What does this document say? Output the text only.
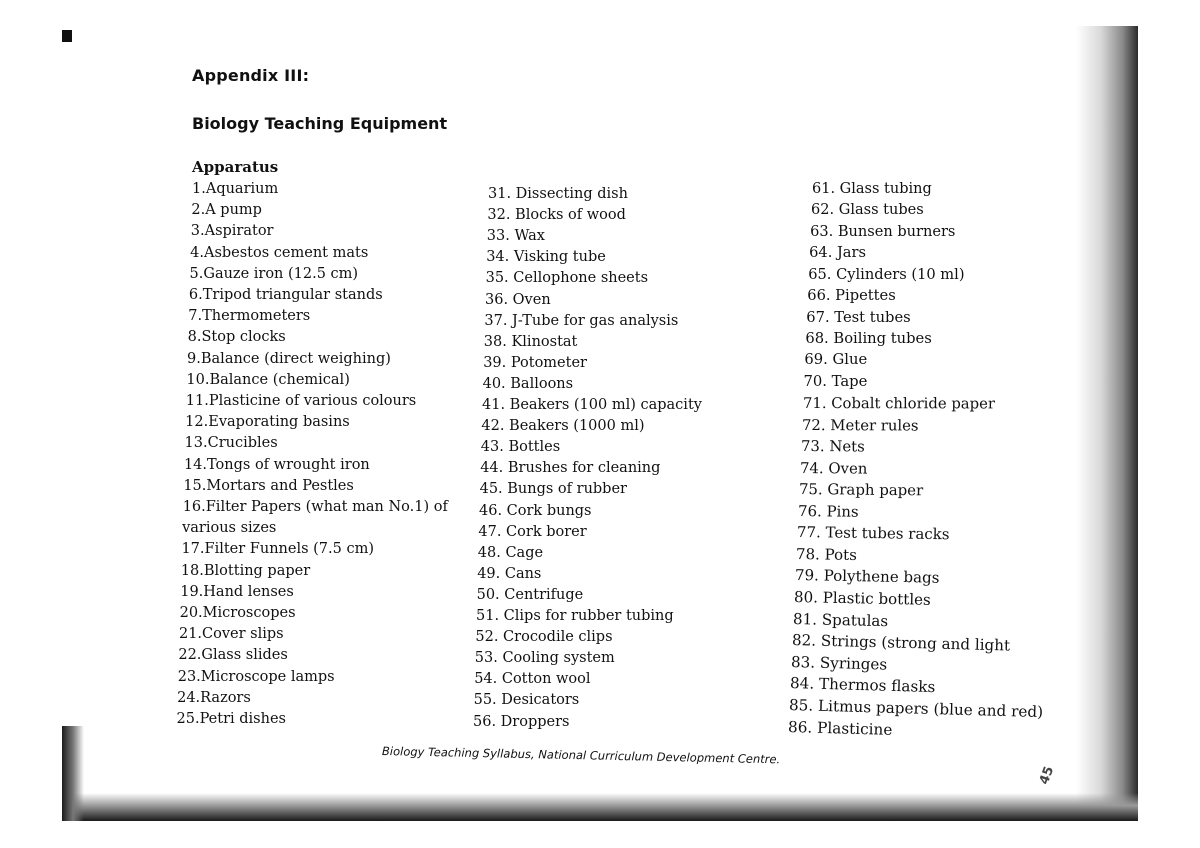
Appendix III:
Biology Teaching Equipment
Apparatus
1.Aquarium
2.A pump
3.Aspirator
4.Asbestos cement mats
5.Gauze iron (12.5 cm)
6.Tripod triangular stands
7.Thermometers
8.Stop clocks
9.Balance (direct weighing)
10.Balance (chemical)
11.Plasticine of various colours
12.Evaporating basins
13.Crucibles
14.Tongs of wrought iron
15.Mortars and Pestles
16.Filter Papers (what man No.1) of
various sizes
17.Filter Funnels (7.5 cm)
18.Blotting paper
19.Hand lenses
20.Microscopes
21.Cover slips
22.Glass slides
23.Microscope lamps
24.Razors
25.Petri dishes
31. Dissecting dish
32. Blocks of wood
33. Wax
34. Visking tube
35. Cellophone sheets
36. Oven
37. J-Tube for gas analysis
38. Klinostat
39. Potometer
40. Balloons
41. Beakers (100 ml) capacity
42. Beakers (1000 ml)
43. Bottles
44. Brushes for cleaning
45. Bungs of rubber
46. Cork bungs
47. Cork borer
48. Cage
49. Cans
50. Centrifuge
51. Clips for rubber tubing
52. Crocodile clips
53. Cooling system
54. Cotton wool
55. Desicators
56. Droppers
61. Glass tubing
62. Glass tubes
63. Bunsen burners
64. Jars
65. Cylinders (10 ml)
66. Pipettes
67. Test tubes
68. Boiling tubes
69. Glue
70. Tape
71. Cobalt chloride paper
72. Meter rules
73. Nets
74. Oven
75. Graph paper
76. Pins
77. Test tubes racks
78. Pots
79. Polythene bags
80. Plastic bottles
81. Spatulas
82. Strings (strong and light
83. Syringes
84. Thermos flasks
85. Litmus papers (blue and red)
86. Plasticine
Biology Teaching Syllabus, National Curriculum Development Centre.
45
